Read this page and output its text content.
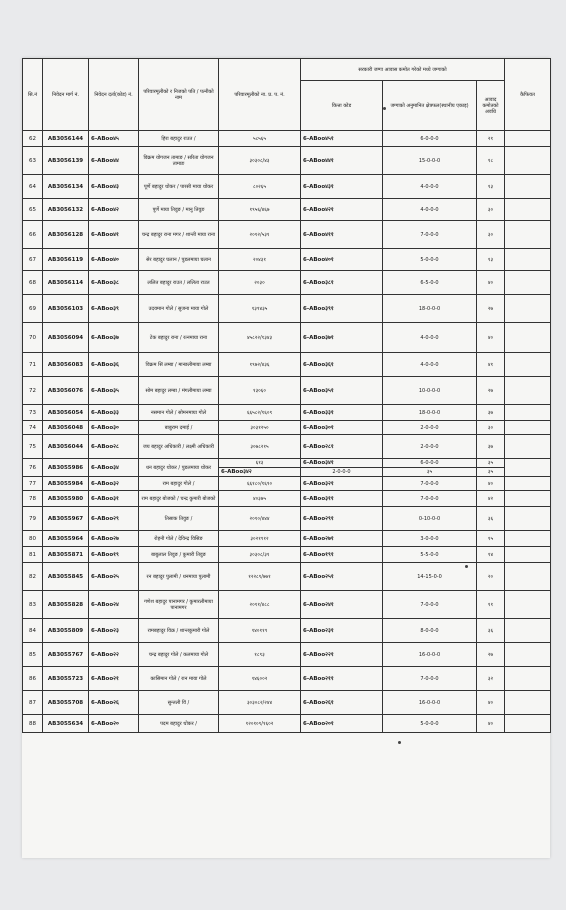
सि.नं	निवेदन मार्ग नं.	निवेदन दर्ता(कोड) नं.	परिवारमूलीको र निजको पति / पत्नीको नाम	परिवारमूलीको ना. प्र. प. नं.	सरकारी जग्गा आवास कमोत गरेको मध्ये जग्गाको			कैफियत
					कित्ता कोड	जग्गाको अनुमानित क्षेत्रफल(स्थानीय एकाइ)	आवाद कमोतको अवधि	
62	AB3056144	6-ABoo४५	हिरा बहादुर राउत /	५८५६५	6-ABoo४५१	6-0-0-0	२१	
63	AB3056139	6-ABoo४४	विक्रम योगजन तामाङ / सरिता योगजन तामाङ	३०३०८/४३	6-ABoo४४१	15-0-0-0	१८	
64	AB3056134	6-ABoo४३	पूर्णे बहादुर थोकर / पारसी माया थोकर	८०२६५	6-ABoo४३१	4-0-0-0	१३	
65	AB3056132	6-ABoo४२	पूर्णे माया तिवुङ / मानु तिवुङ	१९५६/४६७	6-ABoo४२१	4-0-0-0	३०	
66	AB3056128	6-ABoo४१	चन्द्र बहादुर राना मगर / शान्ती माया राना	२०१२/५३१	6-ABoo४११	7-0-0-0	३०	
67	AB3056119	6-ABoo४०	सेर बहादुर घलान / पुडलमाया घलान	२०४३१	6-ABoo४०१	5-0-0-0	१३	
68	AB3056114	6-ABoo३८	ललित बहादुर राउत / ललिता राउत	२०३०	6-ABoo३८१	6-5-0-0	४०	
69	AB3056103	6-ABoo३९	उदयमान गोले / सुजना माया गोले	१३९४३५	6-ABoo३९१	18-0-0-0	२७	
70	AB3056094	6-ABoo३७	टेक बहादुर राना / रत्नमाया राना	४५८२२/१३४३	6-ABoo३७१	4-0-0-0	४०	
71	AB3056083	6-ABoo३६	विक्रम सिं लम्बा / मान्छलीमाया लम्बा	१९७२/४३६	6-ABoo३६१	4-0-0-0	४१	
72	AB3056076	6-ABoo३५	सोम बहादुर लम्बा / मंगलीमाया लम्बा	१३०६०	6-ABoo३५१	10-0-0-0	२७	
73	AB3056054	6-ABoo३३	नसमान गोले / सोमनमाया गोले	६६५८२/१६०९	6-ABoo३३१	18-0-0-0	३७	
74	AB3056048	6-ABoo३०	बाबुराम दमाई /	३०३१२५०	6-ABoo३०१	2-0-0-0	३०	
75	AB3056044	6-ABoo२८	जय बहादुर अधिकारी / लक्ष्मी अधिकारी	३०७८२१५	6-ABoo२८१	2-0-0-0	३७	
76	AB3055986	6-ABoo३४	धन बहादुर थोकर / पुडलमाया थोकर	६१३	6-ABoo३४१	6-0-0-0	३५	
				6-ABoo३४२	2-0-0-0	३५	३५	
77	AB3055984	6-ABoo३२	राम बहादुर गोले /	६६१८०/१६९०	6-ABoo३२१	7-0-0-0	४०	
78	AB3055980	6-ABoo३१	राम बहादुर बोजको / चन्द्र कुमारी बोजको	४०३७५	6-ABoo३११	7-0-0-0	४२	
79	AB3055967	6-ABoo२९	तिसाक तिवुङ /	२०१०/४४४	6-ABoo२९१	0-10-0-0	३६	
80	AB3055964	6-ABoo२७	रोहनी गोले / देविन्द्र विसिङ	३०२१९१२	6-ABoo२७१	3-0-0-0	१५	
81	AB3055871	6-ABoo१९	बाबुलाल तिवुङ / कुमारी तिवुङ	३०३०८/३१	6-ABoo१९१	5-5-0-0	१४	
82	AB3055845	6-ABoo२५	रन बहादुर पुलामी / धनमाया पुलामी	१२२८९/७७१	6-ABoo२५१	14-15-0-0	२०	
83	AB3055828	6-ABoo२४	गणेश बहादुर पानामगर / कुमारलीमाया पानामगर	२०११/४८८	6-ABoo२४१	7-0-0-0	११	
84	AB3055809	6-ABoo२३	रामबहादुर विक्र / शान्तकुमारी गोले	१४०११९	6-ABoo२३१	8-0-0-0	३६	
85	AB3055767	6-ABoo२२	चन्द्र बहादुर गोले / कलमाया गोले	१८९३	6-ABoo२२१	16-0-0-0	२७	
86	AB3055723	6-ABoo२१	कासिमान गोले / रान माया गोले	१४६००२	6-ABoo२११	7-0-0-0	३२	
87	AB3055708	6-ABoo२६	सुन्तली विं /	३०३०८२/२४४	6-ABoo२६१	16-0-0-0	४०	
88	AB3055634	6-ABoo२०	पदम बहादुर थोकर /	१२०१०९/१६०२	6-ABoo२०१	5-0-0-0	४०	
